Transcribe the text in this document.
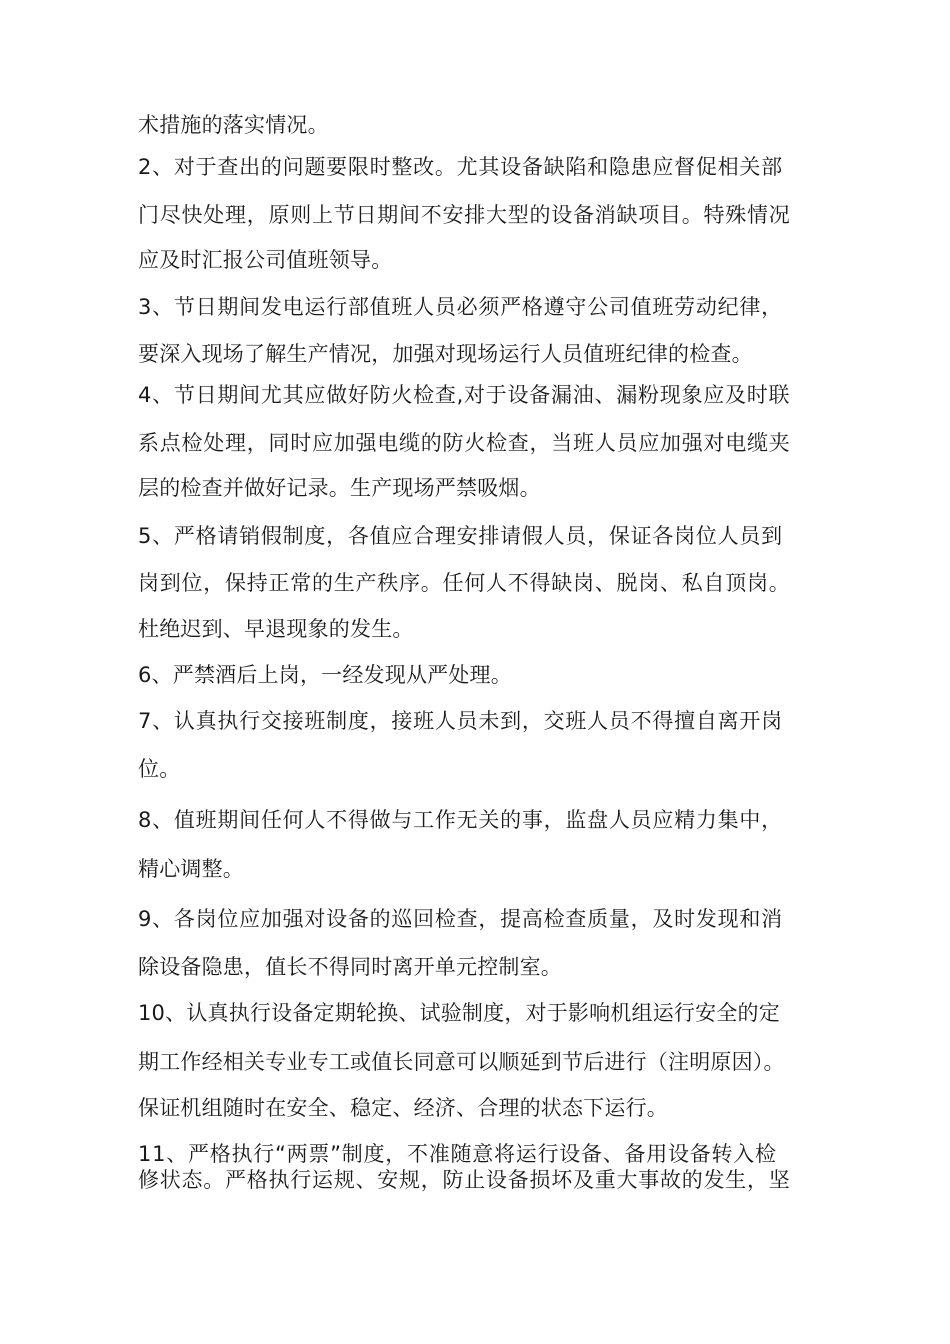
术措施的落实情况。
2、对于查出的问题要限时整改。尤其设备缺陷和隐患应督促相关部
门尽快处理，原则上节日期间不安排大型的设备消缺项目。特殊情况
应及时汇报公司值班领导。
3、节日期间发电运行部值班人员必须严格遵守公司值班劳动纪律，
要深入现场了解生产情况，加强对现场运行人员值班纪律的检查。
4、节日期间尤其应做好防火检查,对于设备漏油、漏粉现象应及时联
系点检处理，同时应加强电缆的防火检查，当班人员应加强对电缆夹
层的检查并做好记录。生产现场严禁吸烟。
5、严格请销假制度，各值应合理安排请假人员，保证各岗位人员到
岗到位，保持正常的生产秩序。任何人不得缺岗、脱岗、私自顶岗。
杜绝迟到、早退现象的发生。
6、严禁酒后上岗，一经发现从严处理。
7、认真执行交接班制度，接班人员未到，交班人员不得擅自离开岗
位。
8、值班期间任何人不得做与工作无关的事，监盘人员应精力集中，
精心调整。
9、各岗位应加强对设备的巡回检查，提高检查质量，及时发现和消
除设备隐患，值长不得同时离开单元控制室。
10、认真执行设备定期轮换、试验制度，对于影响机组运行安全的定
期工作经相关专业专工或值长同意可以顺延到节后进行（注明原因）。
保证机组随时在安全、稳定、经济、合理的状态下运行。
11、严格执行“两票”制度，不准随意将运行设备、备用设备转入检
修状态。严格执行运规、安规，防止设备损坏及重大事故的发生，坚
